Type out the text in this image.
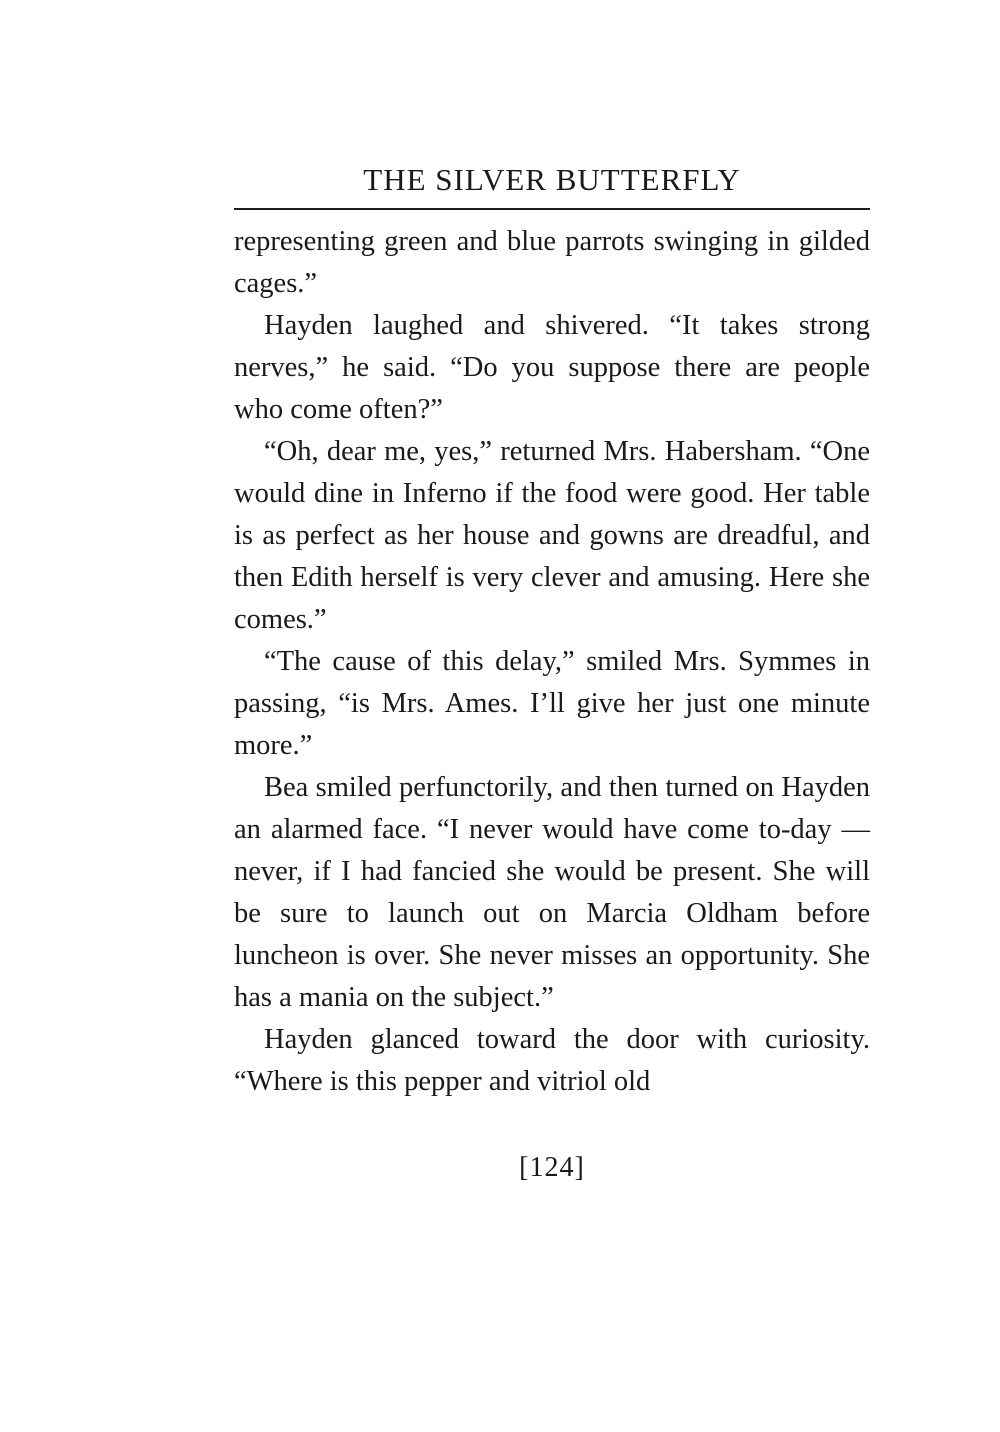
THE SILVER BUTTERFLY

representing green and blue parrots swinging in gilded cages.”

Hayden laughed and shivered. “It takes strong nerves,” he said. “Do you suppose there are people who come often?”

“Oh, dear me, yes,” returned Mrs. Habersham. “One would dine in Inferno if the food were good. Her table is as perfect as her house and gowns are dreadful, and then Edith herself is very clever and amusing. Here she comes.”

“The cause of this delay,” smiled Mrs. Symmes in passing, “is Mrs. Ames. I’ll give her just one minute more.”

Bea smiled perfunctorily, and then turned on Hayden an alarmed face. “I never would have come to-day — never, if I had fancied she would be present. She will be sure to launch out on Marcia Oldham before luncheon is over. She never misses an opportunity. She has a mania on the subject.”

Hayden glanced toward the door with curiosity. “Where is this pepper and vitriol old

[124]
